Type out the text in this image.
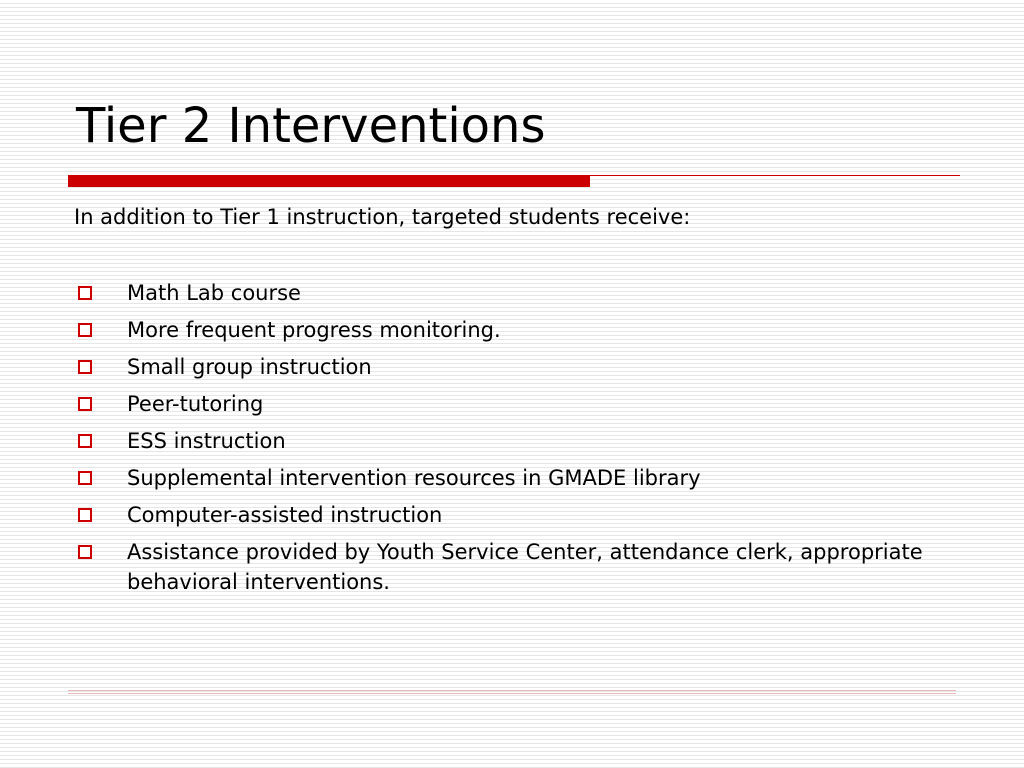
Tier 2 Interventions

In addition to Tier 1 instruction, targeted students receive:

Math Lab course
More frequent progress monitoring.
Small group instruction
Peer-tutoring
ESS instruction
Supplemental intervention resources in GMADE library
Computer-assisted instruction
Assistance provided by Youth Service Center, attendance clerk, appropriate behavioral interventions.
